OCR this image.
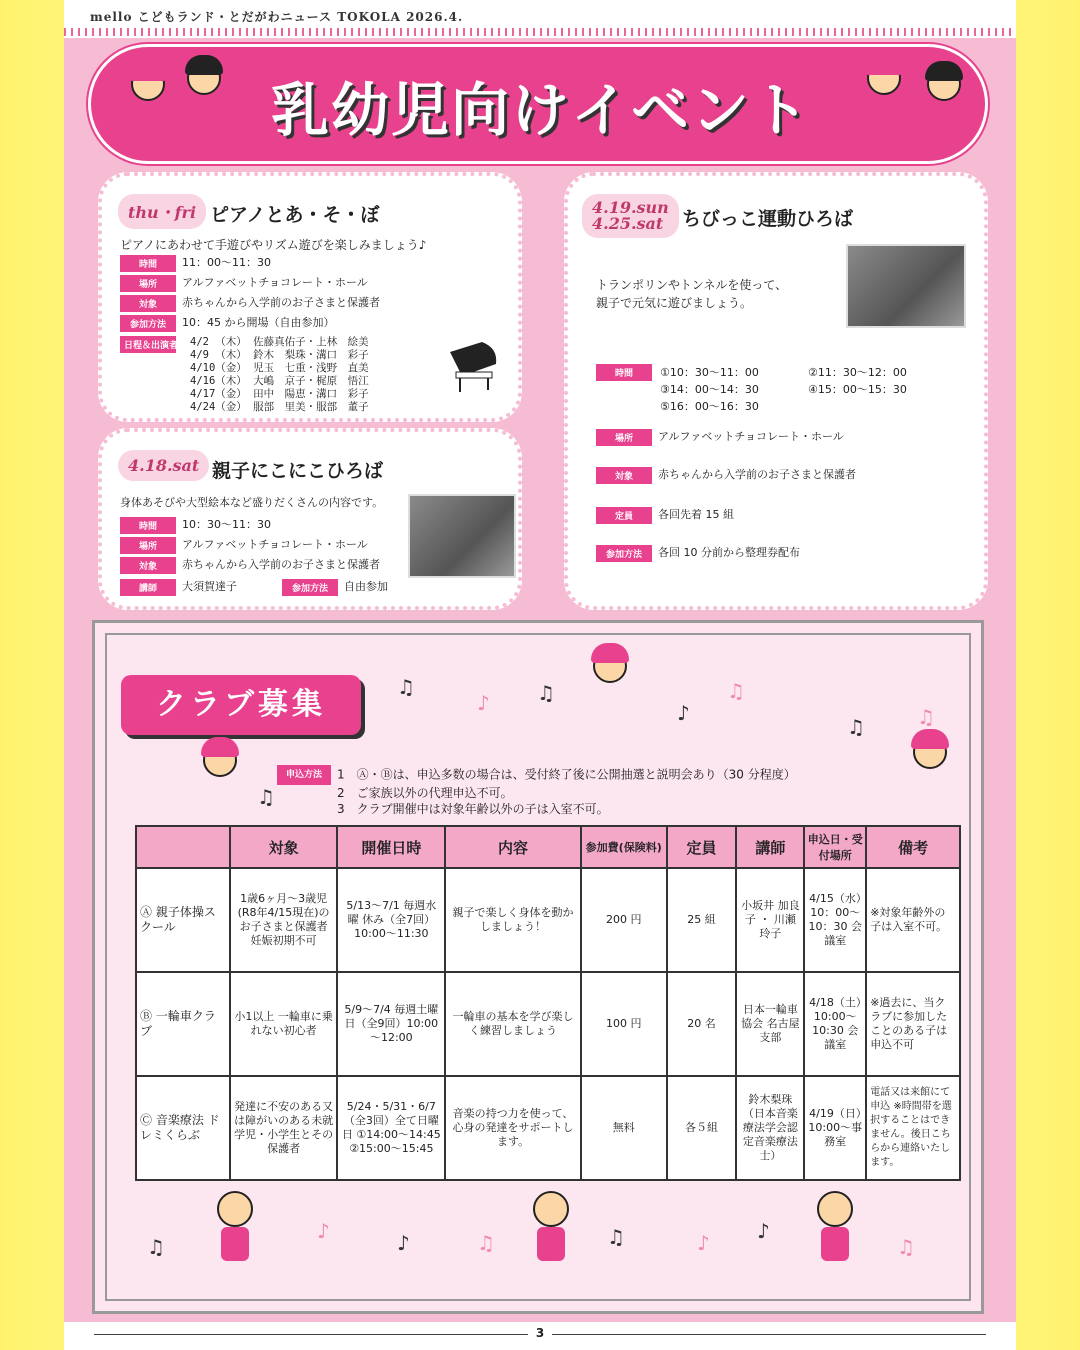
mello こどもランド・とだがわニュース TOKOLA 2026.4.
乳幼児向けイベント
thu・fri ピアノとあ・そ・ぼ
ピアノにあわせて手遊びやリズム遊びを楽しみましょう♪
時間 11：00～11：30
場所 アルファベットチョコレート・ホール
対象 赤ちゃんから入学前のお子さまと保護者
参加方法 10：45 から開場（自由参加）
日程＆出演者	4/2 （木） 佐藤真佑子・上林　絵美
4/9 （木） 鈴木　梨珠・溝口　彩子
4/10（金） 児玉　七重・浅野　直美
4/16（木） 大嶋　京子・梶原　悟江
4/17（金） 田中　陽恵・溝口　彩子
4/24（金） 服部　里美・服部　董子
4.18.sat 親子にこにこひろば
身体あそびや大型絵本など盛りだくさんの内容です。
時間 10：30～11：30
場所 アルファベットチョコレート・ホール
対象 赤ちゃんから入学前のお子さまと保護者
講師 大須賀達子	参加方法 自由参加
4.19.sun
4.25.sat ちびっこ運動ひろば
トランポリンやトンネルを使って、
親子で元気に遊びましょう。
時間	①10：30～11：00	②11：30～12：00
③14：00～14：30	④15：00～15：30
⑤16：00～16：30
場所 アルファベットチョコレート・ホール
対象 赤ちゃんから入学前のお子さまと保護者
定員 各回先着 15 組
参加方法 各回 10 分前から整理券配布
クラブ募集	♫
♪ ♫
♪
♫
♫	♫
♫
申込方法 1　Ⓐ・Ⓑは、申込多数の場合は、受付終了後に公開抽選と説明会あり（30 分程度）
2　ご家族以外の代理申込不可。
3　クラブ開催中は対象年齢以外の子は入室不可。
	対象	開催日時	内容	参加費(保険料)	定員	講師	申込日・受付場所	備考
Ⓐ 親子体操スクール	1歳6ヶ月～3歳児(R8年4/15現在)のお子さまと保護者 妊娠初期不可	5/13～7/1 毎週水曜 休み（全7回）10:00～11:30	親子で楽しく身体を動かしましょう！	200 円	25 組	小坂井 加良子 ・ 川瀬玲子	4/15（水）10：00～10：30 会議室	※対象年齢外の子は入室不可。
Ⓑ 一輪車クラブ	小1以上 一輪車に乗れない初心者	5/9～7/4 毎週土曜日（全9回）10:00～12:00	一輪車の基本を学び楽しく練習しましょう	100 円	20 名	日本一輪車協会 名古屋支部	4/18（土）10:00～10:30 会議室	※過去に、当クラブに参加したことのある子は申込不可
Ⓒ 音楽療法 ドレミくらぶ	発達に不安のある又は障がいのある未就学児・小学生とその保護者	5/24・5/31・6/7（全3回）全て日曜日 ①14:00～14:45 ②15:00～15:45	音楽の持つ力を使って、心身の発達をサポートします。	無料	各５組	鈴木梨珠（日本音楽療法学会認定音楽療法士）	4/19（日）10:00～事務室	電話又は来館にて申込 ※時間帯を選択することはできません。後日こちらから連絡いたします。
♫
♪	♪	♫	♫	♪ ♪
♫
3
